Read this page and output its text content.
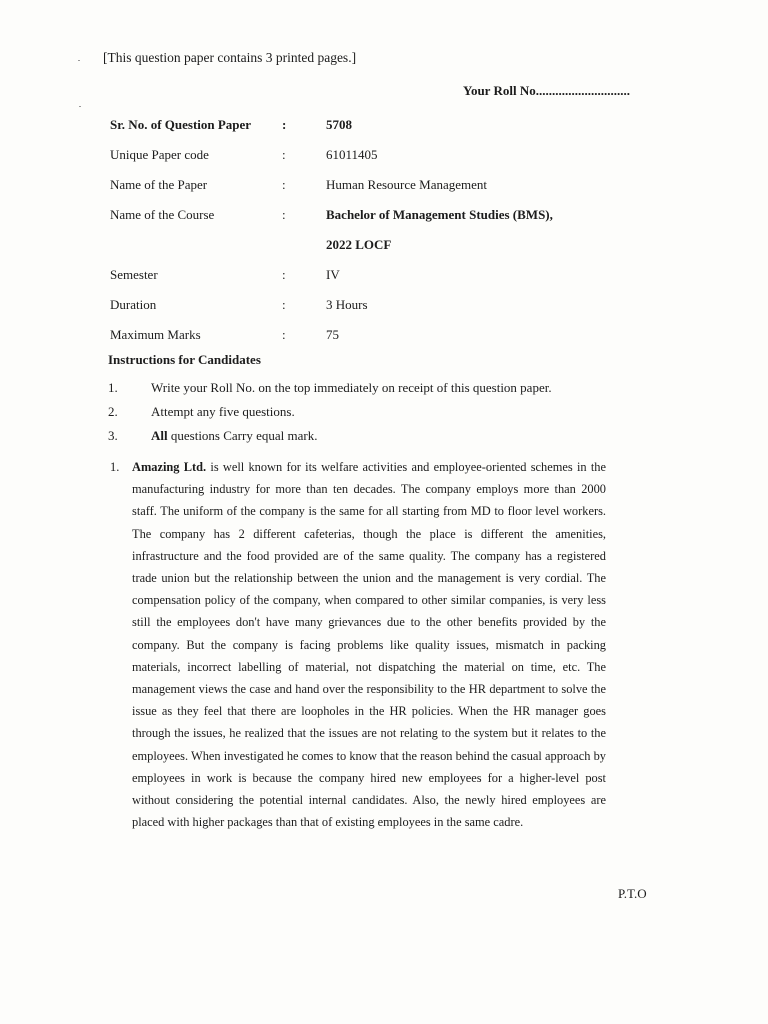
[This question paper contains 3 printed pages.]
Your Roll No.............................
Sr. No. of Question Paper :	5708
Unique Paper code	:	61011405
Name of the Paper	:	Human Resource Management
Name of the Course	:	Bachelor of Management Studies (BMS),
2022 LOCF
Semester	:	IV
Duration	:	3 Hours
Maximum Marks	:	75
Instructions for Candidates
1.	Write your Roll No. on the top immediately on receipt of this question paper.
2.	Attempt any five questions.
3.	All questions Carry equal mark.
1. Amazing Ltd. is well known for its welfare activities and employee-oriented schemes in the manufacturing industry for more than ten decades. The company employs more than 2000 staff. The uniform of the company is the same for all starting from MD to floor level workers. The company has 2 different cafeterias, though the place is different the amenities, infrastructure and the food provided are of the same quality. The company has a registered trade union but the relationship between the union and the management is very cordial. The compensation policy of the company, when compared to other similar companies, is very less still the employees don't have many grievances due to the other benefits provided by the company. But the company is facing problems like quality issues, mismatch in packing materials, incorrect labelling of material, not dispatching the material on time, etc. The management views the case and hand over the responsibility to the HR department to solve the issue as they feel that there are loopholes in the HR policies. When the HR manager goes through the issues, he realized that the issues are not relating to the system but it relates to the employees. When investigated he comes to know that the reason behind the casual approach by employees in work is because the company hired new employees for a higher-level post without considering the potential internal candidates. Also, the newly hired employees are placed with higher packages than that of existing employees in the same cadre.
P.T.O
